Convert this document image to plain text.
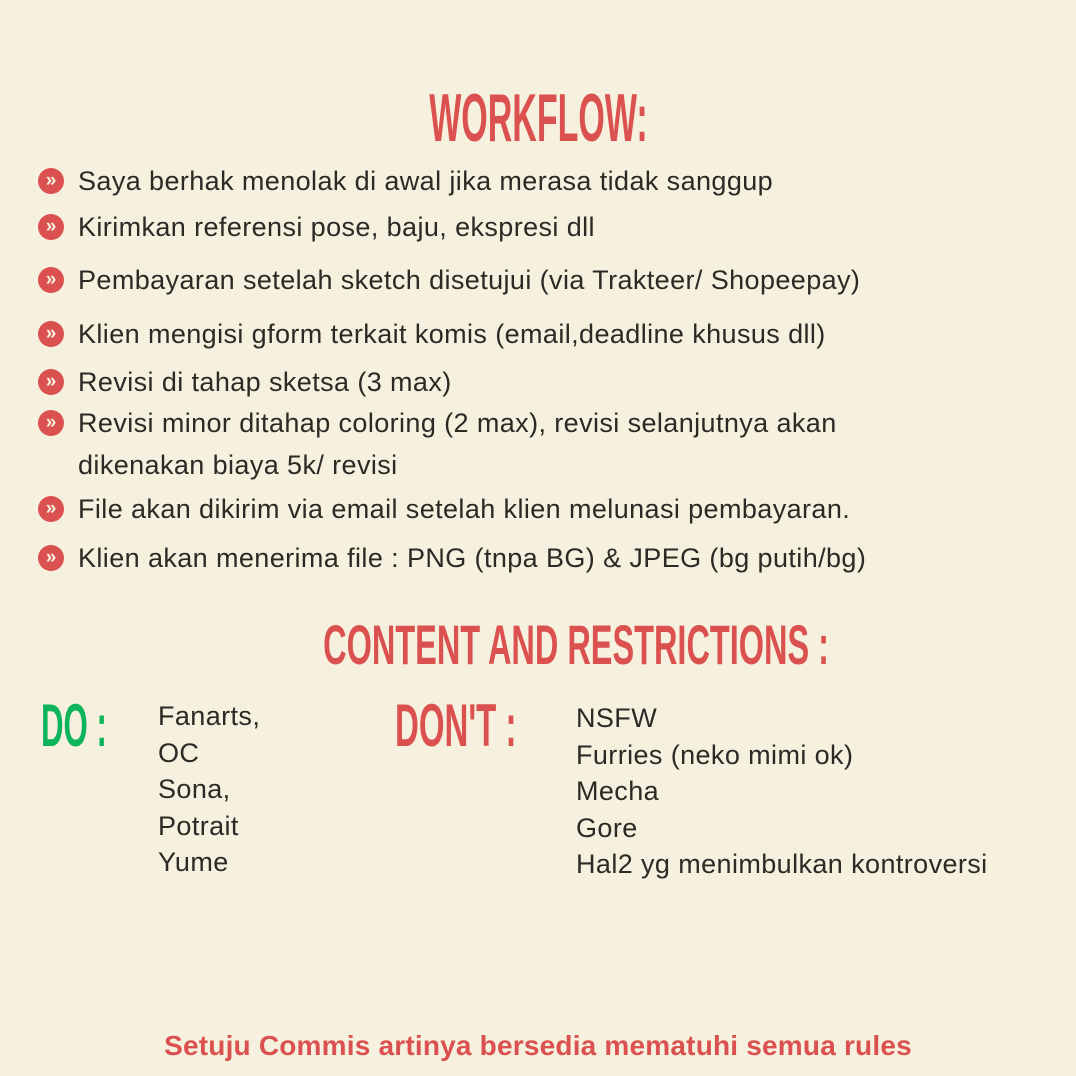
WORKFLOW:
» Saya berhak menolak di awal jika merasa tidak sanggup
» Kirimkan referensi pose, baju, ekspresi dll
» Pembayaran setelah sketch disetujui (via Trakteer/ Shopeepay)
» Klien mengisi gform terkait komis (email,deadline khusus dll)
» Revisi di tahap sketsa (3 max)
» Revisi minor ditahap coloring (2 max), revisi selanjutnya akan
dikenakan biaya 5k/ revisi
» File akan dikirim via email setelah klien melunasi pembayaran.
» Klien akan menerima file : PNG (tnpa BG) & JPEG (bg putih/bg)
CONTENT AND RESTRICTIONS :
DO :	Fanarts,
OC
Sona,
Potrait
Yume
DON'T :	NSFW
Furries (neko mimi ok)
Mecha
Gore
Hal2 yg menimbulkan kontroversi
Setuju Commis artinya bersedia mematuhi semua rules
